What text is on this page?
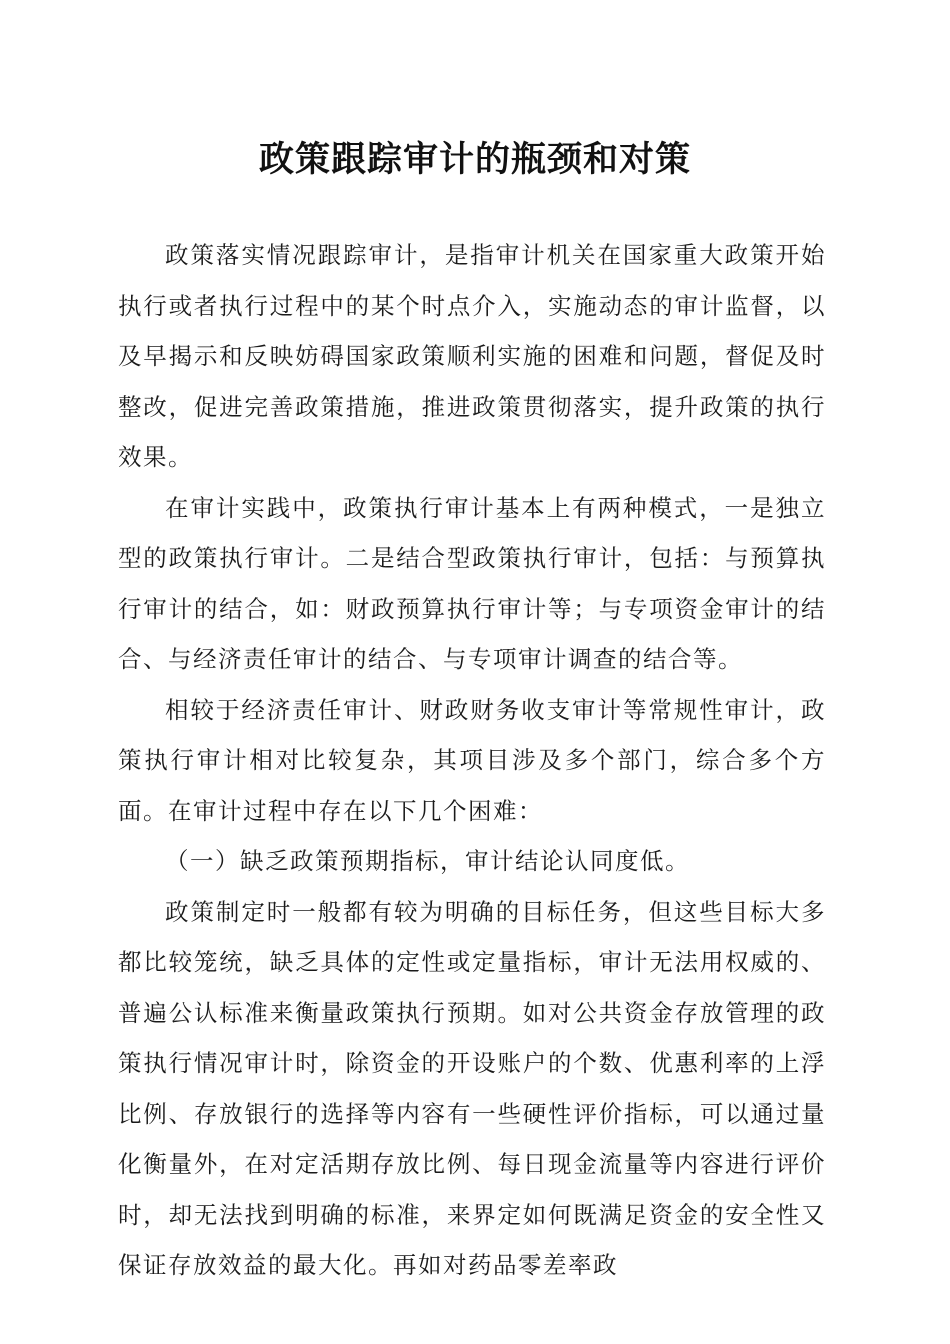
政策跟踪审计的瓶颈和对策

政策落实情况跟踪审计，是指审计机关在国家重大政策开始执行或者执行过程中的某个时点介入，实施动态的审计监督，以及早揭示和反映妨碍国家政策顺利实施的困难和问题，督促及时整改，促进完善政策措施，推进政策贯彻落实，提升政策的执行效果。

在审计实践中，政策执行审计基本上有两种模式，一是独立型的政策执行审计。二是结合型政策执行审计，包括：与预算执行审计的结合，如：财政预算执行审计等；与专项资金审计的结合、与经济责任审计的结合、与专项审计调查的结合等。

相较于经济责任审计、财政财务收支审计等常规性审计，政策执行审计相对比较复杂，其项目涉及多个部门，综合多个方面。在审计过程中存在以下几个困难：

（一）缺乏政策预期指标，审计结论认同度低。

政策制定时一般都有较为明确的目标任务，但这些目标大多都比较笼统，缺乏具体的定性或定量指标，审计无法用权威的、普遍公认标准来衡量政策执行预期。如对公共资金存放管理的政策执行情况审计时，除资金的开设账户的个数、优惠利率的上浮比例、存放银行的选择等内容有一些硬性评价指标，可以通过量化衡量外，在对定活期存放比例、每日现金流量等内容进行评价时，却无法找到明确的标准，来界定如何既满足资金的安全性又保证存放效益的最大化。再如对药品零差率政
